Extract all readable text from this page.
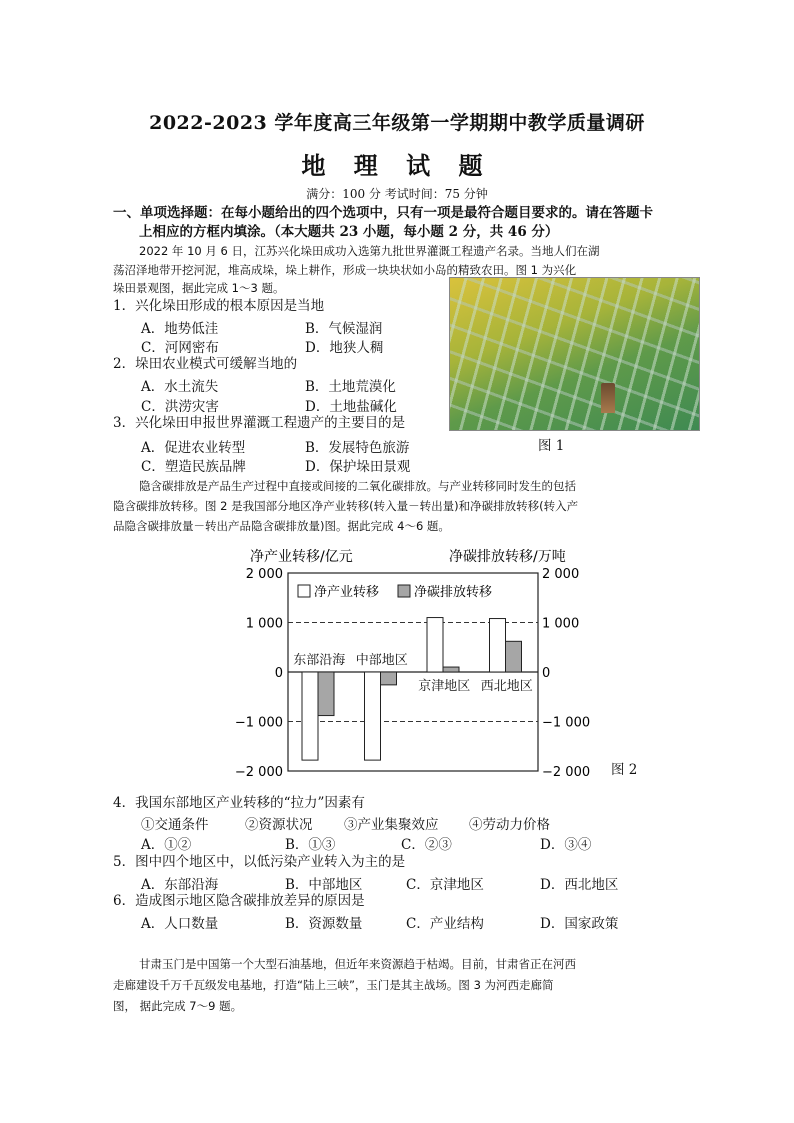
2022-2023 学年度高三年级第一学期期中教学质量调研
地 理 试 题
满分：100 分 考试时间：75 分钟
一、单项选择题：在每小题给出的四个选项中，只有一项是最符合题目要求的。请在答题卡
上相应的方框内填涂。（本大题共 23 小题，每小题 2 分，共 46 分）
2022 年 10 月 6 日，江苏兴化垛田成功入选第九批世界灌溉工程遗产名录。当地人们在湖
荡沼泽地带开挖河泥，堆高成垛，垛上耕作，形成一块块状如小岛的精致农田。图 1 为兴化
垛田景观图，据此完成 1～3 题。
图 1
1．兴化垛田形成的根本原因是当地
A．地势低洼	B．气候湿润
C．河网密布	D．地狭人稠
2．垛田农业模式可缓解当地的
A．水土流失	B．土地荒漠化
C．洪涝灾害	D．土地盐碱化
3．兴化垛田申报世界灌溉工程遗产的主要目的是
A．促进农业转型	B．发展特色旅游
C．塑造民族品牌	D．保护垛田景观
隐含碳排放是产品生产过程中直接或间接的二氧化碳排放。与产业转移同时发生的包括
隐含碳排放转移。图 2 是我国部分地区净产业转移(转入量－转出量)和净碳排放转移(转入产
品隐含碳排放量－转出产品隐含碳排放量)图。据此完成 4～6 题。
净产业转移/亿元	净碳排放转移/万吨
2 000	2 000
1 000	1 000
0	0
−1 000	−1 000
−2 000	−2 000
东部沿海 中部地区
京津地区 西北地区
净产业转移	净碳排放转移
图 2
4．我国东部地区产业转移的“拉力”因素有
①交通条件	②资源状况 ③产业集聚效应 ④劳动力价格
A．①②	B．①③	C．②③	D．③④
5．图中四个地区中，以低污染产业转入为主的是
A．东部沿海	B．中部地区	C．京津地区	D．西北地区
6．造成图示地区隐含碳排放差异的原因是
A．人口数量	B．资源数量	C．产业结构	D．国家政策
甘肃玉门是中国第一个大型石油基地，但近年来资源趋于枯竭。目前，甘肃省正在河西
走廊建设千万千瓦级发电基地，打造“陆上三峡”，玉门是其主战场。图 3 为河西走廊简
图， 据此完成 7～9 题。
